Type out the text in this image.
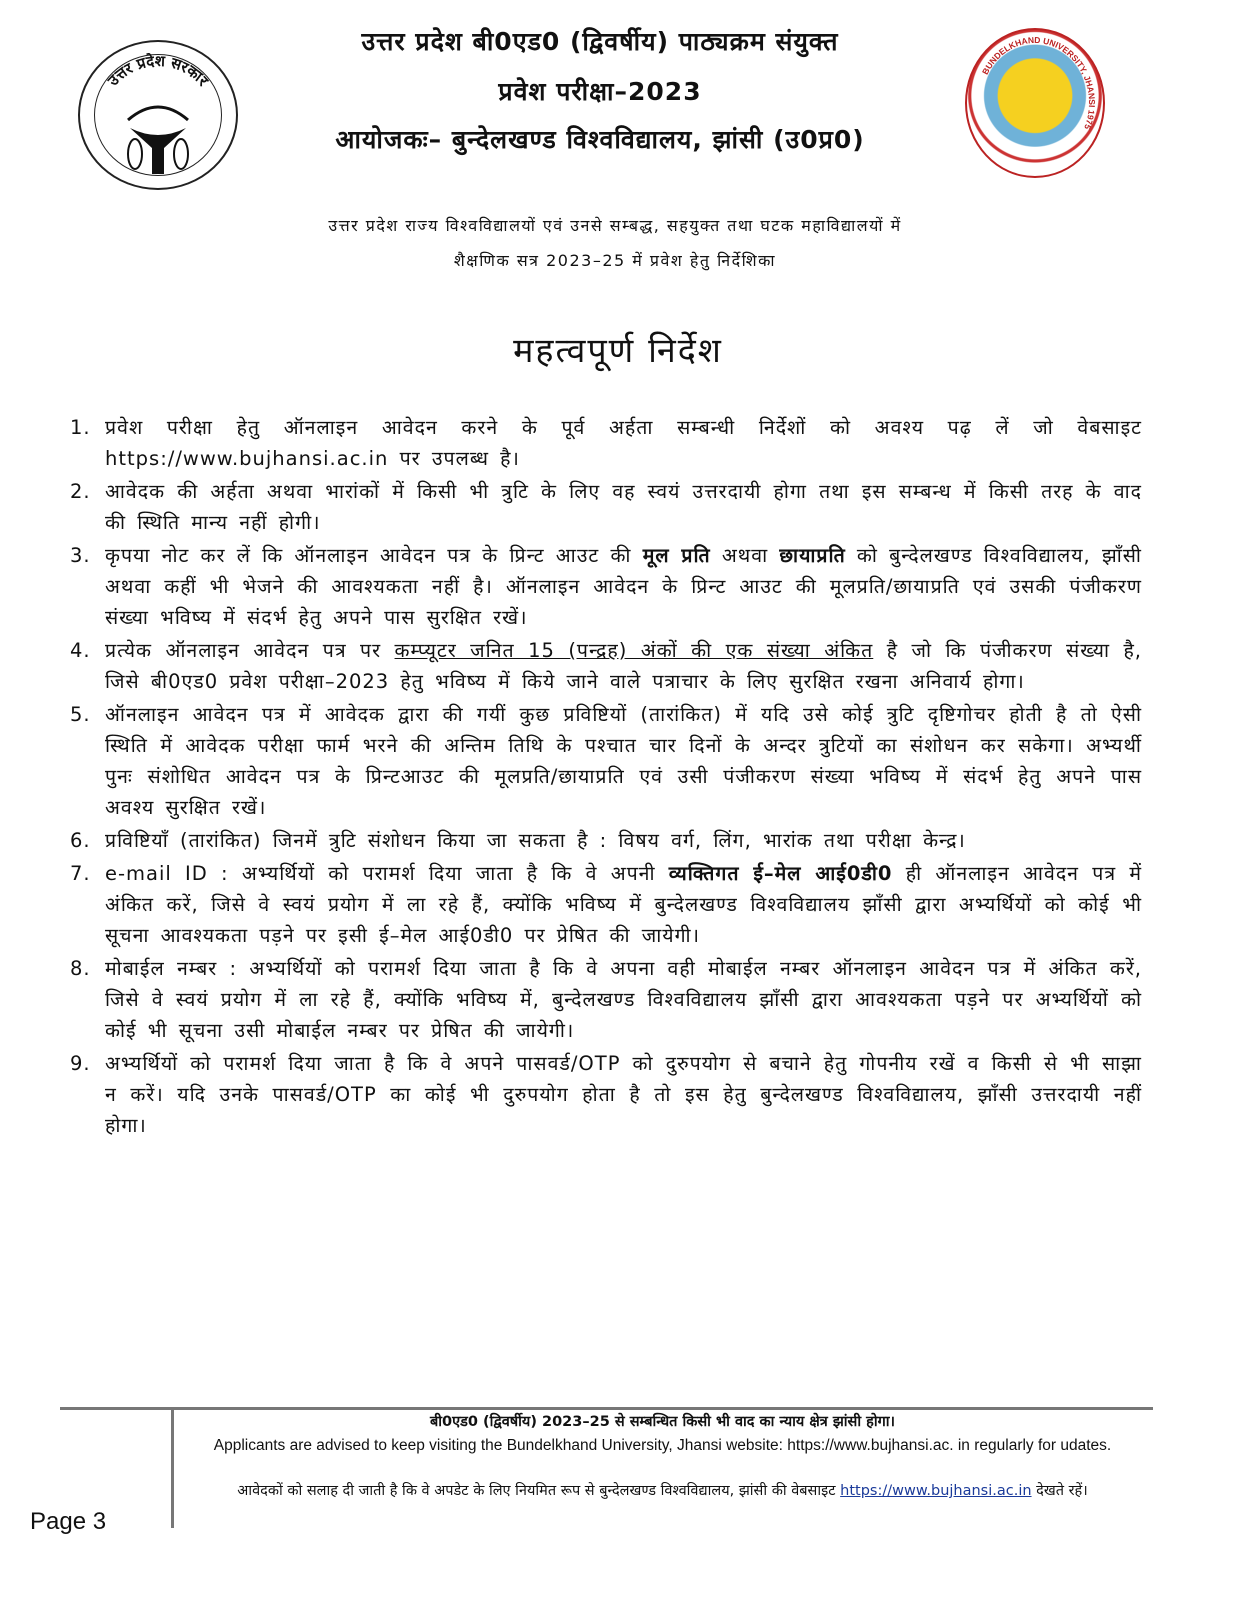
उत्तर प्रदेश सरकार
BUNDELKHAND UNIVERSITY, JHANSI 1975
उत्तर प्रदेश बी0एड0 (द्विवर्षीय) पाठ्यक्रम संयुक्त
प्रवेश परीक्षा–2023
आयोजकः– बुन्देलखण्ड विश्वविद्यालय, झांसी (उ0प्र0)
उत्तर प्रदेश राज्य विश्वविद्यालयों एवं उनसे सम्बद्ध, सहयुक्त तथा घटक महाविद्यालयों में
शैक्षणिक सत्र 2023–25 में प्रवेश हेतु निर्देशिका
महत्वपूर्ण निर्देश
1. प्रवेश परीक्षा हेतु ऑनलाइन आवेदन करने के पूर्व अर्हता सम्बन्धी निर्देशों को अवश्य पढ़ लें जो वेबसाइट https://www.bujhansi.ac.in पर उपलब्ध है।
2. आवेदक की अर्हता अथवा भारांकों में किसी भी त्रुटि के लिए वह स्वयं उत्तरदायी होगा तथा इस सम्बन्ध में किसी तरह के वाद की स्थिति मान्य नहीं होगी।
3. कृपया नोट कर लें कि ऑनलाइन आवेदन पत्र के प्रिन्ट आउट की मूल प्रति अथवा छायाप्रति को बुन्देलखण्ड विश्वविद्यालय, झाँसी अथवा कहीं भी भेजने की आवश्यकता नहीं है। ऑनलाइन आवेदन के प्रिन्ट आउट की मूलप्रति/छायाप्रति एवं उसकी पंजीकरण संख्या भविष्य में संदर्भ हेतु अपने पास सुरक्षित रखें।
4. प्रत्येक ऑनलाइन आवेदन पत्र पर कम्प्यूटर जनित 15 (पन्द्रह) अंकों की एक संख्या अंकित है जो कि पंजीकरण संख्या है, जिसे बी0एड0 प्रवेश परीक्षा–2023 हेतु भविष्य में किये जाने वाले पत्राचार के लिए सुरक्षित रखना अनिवार्य होगा।
5. ऑनलाइन आवेदन पत्र में आवेदक द्वारा की गयीं कुछ प्रविष्टियों (तारांकित) में यदि उसे कोई त्रुटि दृष्टिगोचर होती है तो ऐसी स्थिति में आवेदक परीक्षा फार्म भरने की अन्तिम तिथि के पश्चात चार दिनों के अन्दर त्रुटियों का संशोधन कर सकेगा। अभ्यर्थी पुनः संशोधित आवेदन पत्र के प्रिन्टआउट की मूलप्रति/छायाप्रति एवं उसी पंजीकरण संख्या भविष्य में संदर्भ हेतु अपने पास अवश्य सुरक्षित रखें।
6. प्रविष्टियाँ (तारांकित) जिनमें त्रुटि संशोधन किया जा सकता है : विषय वर्ग, लिंग, भारांक तथा परीक्षा केन्द्र।
7. e-mail ID : अभ्यर्थियों को परामर्श दिया जाता है कि वे अपनी व्यक्तिगत ई–मेल आई0डी0 ही ऑनलाइन आवेदन पत्र में अंकित करें, जिसे वे स्वयं प्रयोग में ला रहे हैं, क्योंकि भविष्य में बुन्देलखण्ड विश्वविद्यालय झाँसी द्वारा अभ्यर्थियों को कोई भी सूचना आवश्यकता पड़ने पर इसी ई–मेल आई0डी0 पर प्रेषित की जायेगी।
8. मोबाईल नम्बर : अभ्यर्थियों को परामर्श दिया जाता है कि वे अपना वही मोबाईल नम्बर ऑनलाइन आवेदन पत्र में अंकित करें, जिसे वे स्वयं प्रयोग में ला रहे हैं, क्योंकि भविष्य में, बुन्देलखण्ड विश्वविद्यालय झाँसी द्वारा आवश्यकता पड़ने पर अभ्यर्थियों को कोई भी सूचना उसी मोबाईल नम्बर पर प्रेषित की जायेगी।
9. अभ्यर्थियों को परामर्श दिया जाता है कि वे अपने पासवर्ड/OTP को दुरुपयोग से बचाने हेतु गोपनीय रखें व किसी से भी साझा न करें। यदि उनके पासवर्ड/OTP का कोई भी दुरुपयोग होता है तो इस हेतु बुन्देलखण्ड विश्वविद्यालय, झाँसी उत्तरदायी नहीं होगा।
बी0एड0 (द्विवर्षीय) 2023–25 से सम्बन्धित किसी भी वाद का न्याय क्षेत्र झांसी होगा।
Applicants are advised to keep visiting the Bundelkhand University, Jhansi website: https://www.bujhansi.ac. in regularly for udates.
आवेदकों को सलाह दी जाती है कि वे अपडेट के लिए नियमित रूप से बुन्देलखण्ड विश्वविद्यालय, झांसी की वेबसाइट https://www.bujhansi.ac.in देखते रहें।
Page 3
